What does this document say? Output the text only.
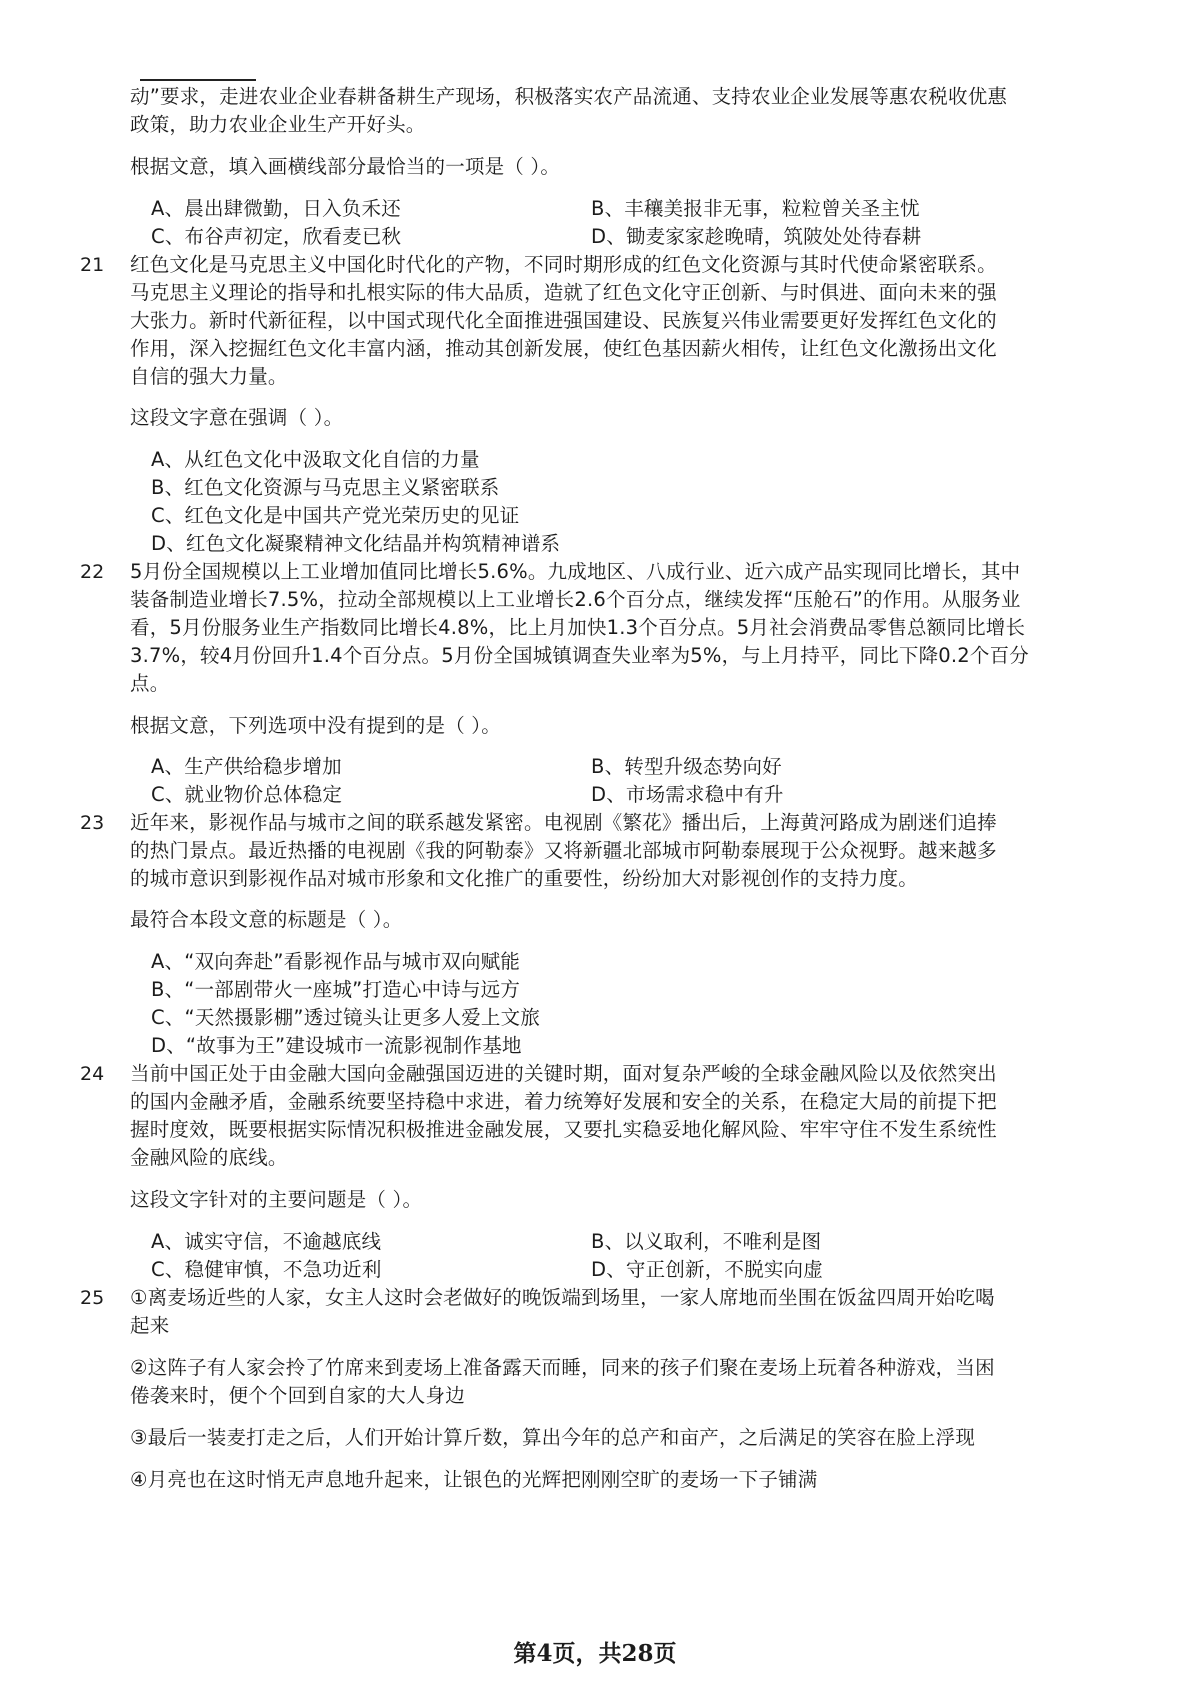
动”要求，走进农业企业春耕备耕生产现场，积极落实农产品流通、支持农业企业发展等惠农税收优惠
政策，助力农业企业生产开好头。
根据文意，填入画横线部分最恰当的一项是（ ）。
A、晨出肆微勤，日入负禾还	B、丰穰美报非无事，粒粒曾关圣主忧
C、布谷声初定，欣看麦已秋	D、锄麦家家趁晚晴，筑陂处处待春耕
21 红色文化是马克思主义中国化时代化的产物，不同时期形成的红色文化资源与其时代使命紧密联系。
马克思主义理论的指导和扎根实际的伟大品质，造就了红色文化守正创新、与时俱进、面向未来的强
大张力。新时代新征程，以中国式现代化全面推进强国建设、民族复兴伟业需要更好发挥红色文化的
作用，深入挖掘红色文化丰富内涵，推动其创新发展，使红色基因薪火相传，让红色文化激扬出文化
自信的强大力量。
这段文字意在强调（ ）。
A、从红色文化中汲取文化自信的力量
B、红色文化资源与马克思主义紧密联系
C、红色文化是中国共产党光荣历史的见证
D、红色文化凝聚精神文化结晶并构筑精神谱系
22 5月份全国规模以上工业增加值同比增长5.6%。九成地区、八成行业、近六成产品实现同比增长，其中
装备制造业增长7.5%，拉动全部规模以上工业增长2.6个百分点，继续发挥“压舱石”的作用。从服务业
看，5月份服务业生产指数同比增长4.8%，比上月加快1.3个百分点。5月社会消费品零售总额同比增长
3.7%，较4月份回升1.4个百分点。5月份全国城镇调查失业率为5%，与上月持平，同比下降0.2个百分
点。
根据文意，下列选项中没有提到的是（ ）。
A、生产供给稳步增加	B、转型升级态势向好
C、就业物价总体稳定	D、市场需求稳中有升
23 近年来，影视作品与城市之间的联系越发紧密。电视剧《繁花》播出后，上海黄河路成为剧迷们追捧
的热门景点。最近热播的电视剧《我的阿勒泰》又将新疆北部城市阿勒泰展现于公众视野。越来越多
的城市意识到影视作品对城市形象和文化推广的重要性，纷纷加大对影视创作的支持力度。
最符合本段文意的标题是（ ）。
A、“双向奔赴”看影视作品与城市双向赋能
B、“一部剧带火一座城”打造心中诗与远方
C、“天然摄影棚”透过镜头让更多人爱上文旅
D、“故事为王”建设城市一流影视制作基地
24 当前中国正处于由金融大国向金融强国迈进的关键时期，面对复杂严峻的全球金融风险以及依然突出
的国内金融矛盾，金融系统要坚持稳中求进，着力统筹好发展和安全的关系，在稳定大局的前提下把
握时度效，既要根据实际情况积极推进金融发展，又要扎实稳妥地化解风险、牢牢守住不发生系统性
金融风险的底线。
这段文字针对的主要问题是（ ）。
A、诚实守信，不逾越底线	B、以义取利，不唯利是图
C、稳健审慎，不急功近利	D、守正创新，不脱实向虚
25 ①离麦场近些的人家，女主人这时会老做好的晚饭端到场里，一家人席地而坐围在饭盆四周开始吃喝
起来
②这阵子有人家会拎了竹席来到麦场上准备露天而睡，同来的孩子们聚在麦场上玩着各种游戏，当困
倦袭来时，便个个回到自家的大人身边
③最后一装麦打走之后，人们开始计算斤数，算出今年的总产和亩产，之后满足的笑容在脸上浮现
④月亮也在这时悄无声息地升起来，让银色的光辉把刚刚空旷的麦场一下子铺满
第4页，共28页
